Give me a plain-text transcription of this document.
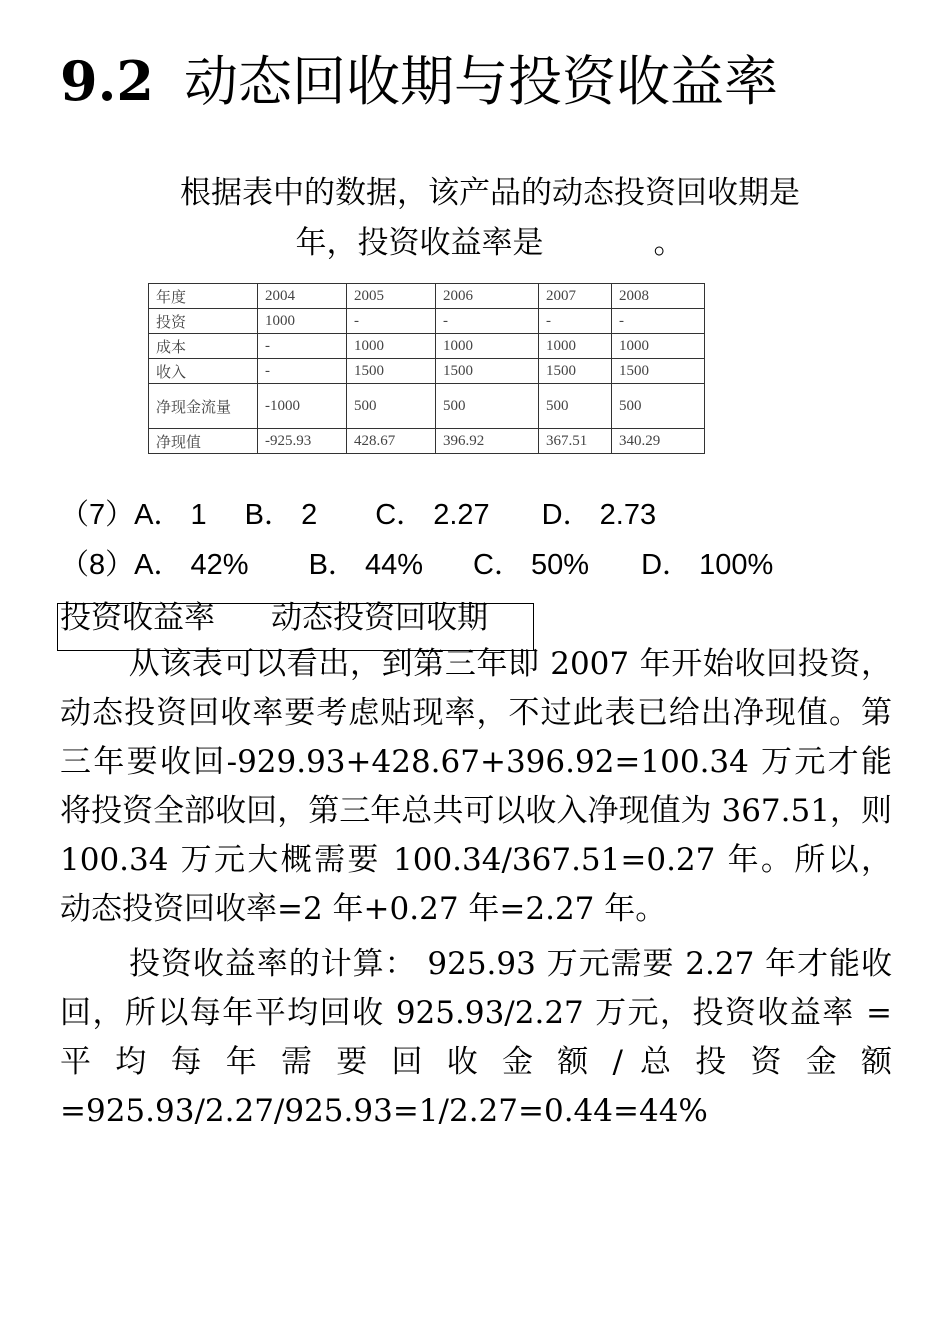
9.2 动态回收期与投资收益率
根据表中的数据，该产品的动态投资回收期是
年，投资收益率是	。
年度	2004	2005	2006	2007	2008
投资	1000	-	-	-	-
成本	-	1000	1000	1000	1000
收入	-	1500	1500	1500	1500
净现金流量	-1000	500	500	500	500
净现值	-925.93	428.67	396.92	367.51	340.29
（7）A． 1 B． 2 C． 2.27 D． 2.73
（8）A． 42% B． 44% C． 50% D． 100%
投资收益率 动态投资回收期
从该表可以看出，到第三年即 2007 年开始收回投资，动态投资回收率要考虑贴现率，不过此表已给出净现值。第三年要收回-929.93+428.67+396.92=100.34 万元才能将投资全部收回，第三年总共可以收入净现值为 367.51，则 100.34 万元大概需要 100.34/367.51=0.27 年。所以，动态投资回收率=2 年+0.27 年=2.27 年。
投资收益率的计算： 925.93 万元需要 2.27 年才能收回，所以每年平均回收 925.93/2.27 万元，投资收益率 = 平 均 每 年 需 要 回 收 金 额 / 总 投 资 金 额
=925.93/2.27/925.93=1/2.27=0.44=44%
